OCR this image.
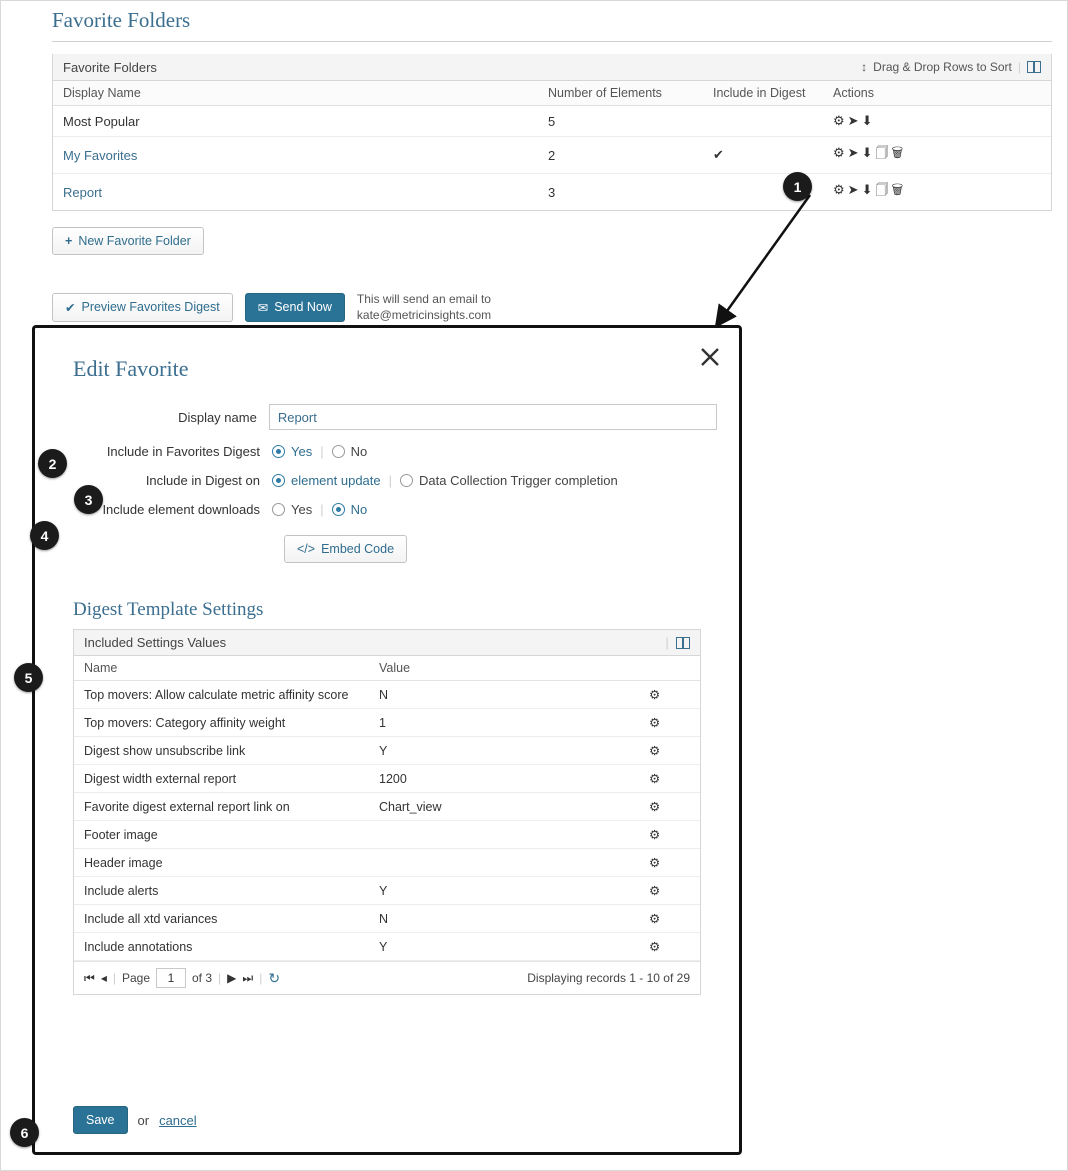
Favorite Folders
Favorite Folders	↕ Drag & Drop Rows to Sort |
Display Name	Number of Elements	Include in Digest	Actions
Most Popular	5		⚙➤⬇
My Favorites	2	✔	⚙➤⬇🗍🗑
Report	3		⚙➤⬇🗍🗑
+ New Favorite Folder
✔ Preview Favorites Digest	✉ Send Now
This will send an email to
kate@metricinsights.com
Edit Favorite
Display name
Report
Include in Favorites Digest	Yes | No
Include in Digest on	element update | Data Collection Trigger completion
Include element downloads	Yes | No
</> Embed Code
Digest Template Settings
Included Settings Values	|

Name	Value	
Top movers: Allow calculate metric affinity score	N	⚙
Top movers: Category affinity weight	1	⚙
Digest show unsubscribe link	Y	⚙
Digest width external report	1200	⚙
Favorite digest external report link on	Chart_view	⚙
Footer image		⚙
Header image		⚙
Include alerts	Y	⚙
Include all xtd variances	N	⚙
Include annotations	Y	⚙
⏮ ◂ | Page
1	of 3 | ▶ ⏭ | ↻	Displaying records 1 - 10 of 29
Save	or cancel
1
2
3
4
5
6
